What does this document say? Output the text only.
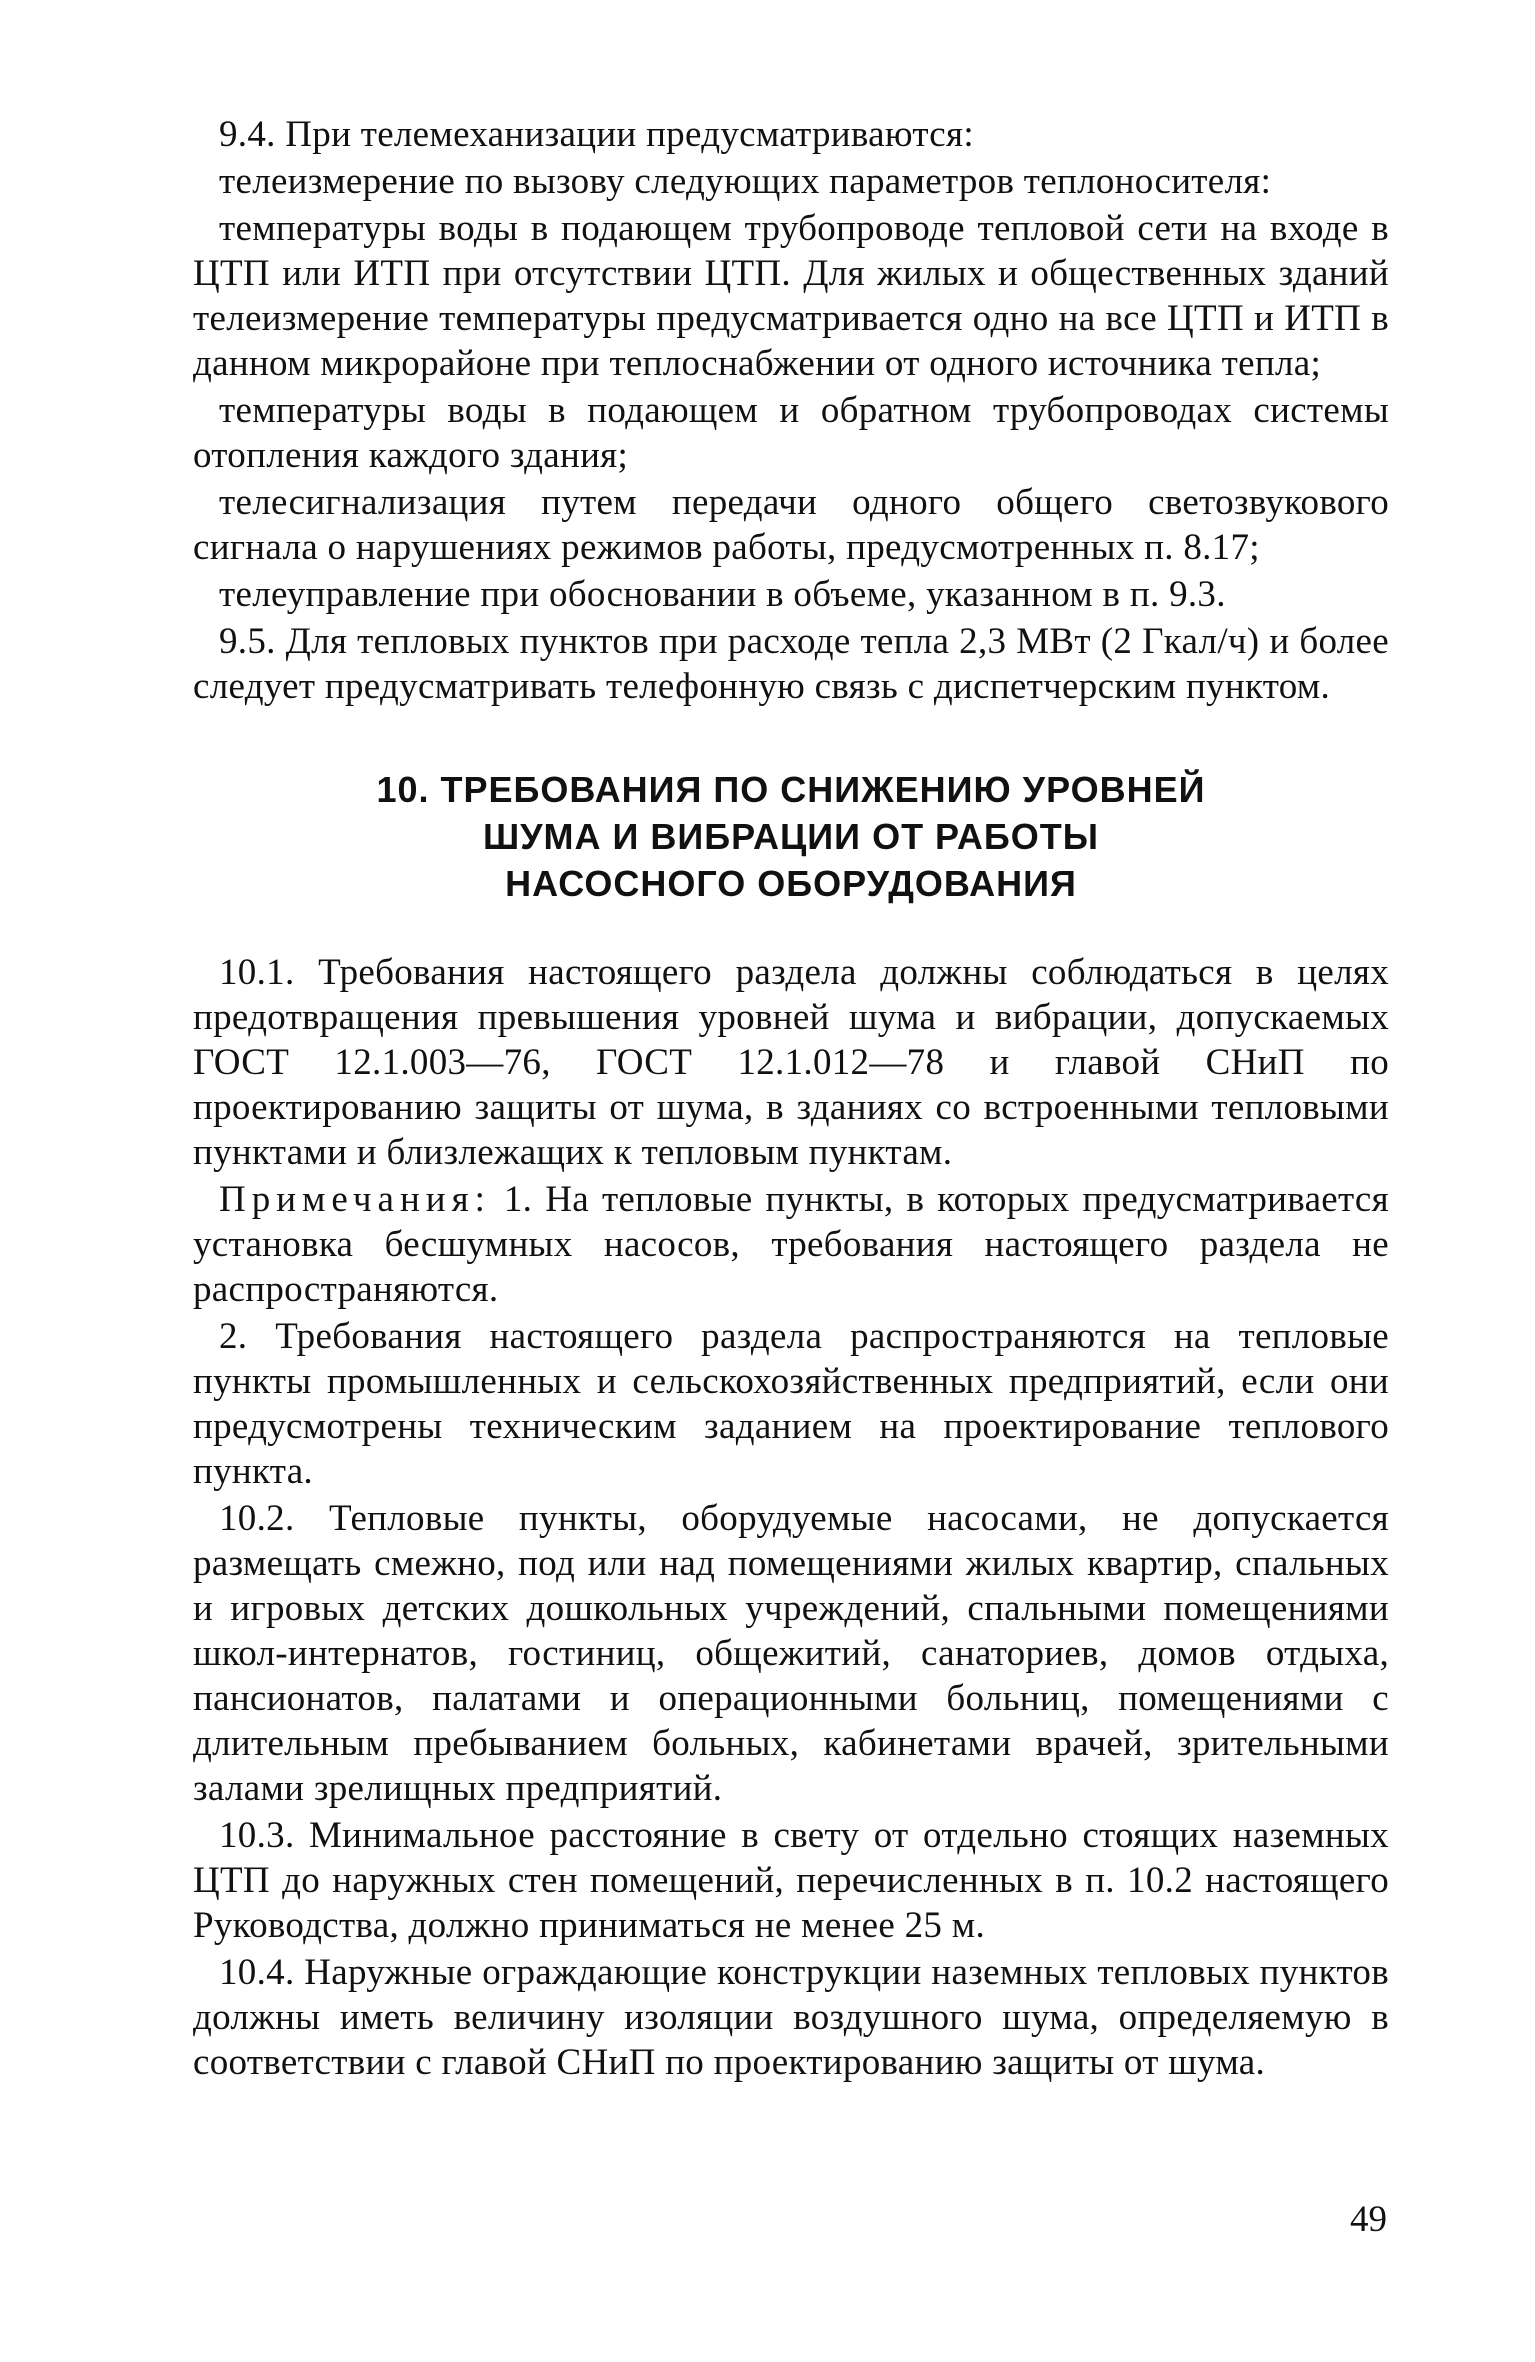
9.4. При телемеханизации предусматриваются:

телеизмерение по вызову следующих параметров теплоносителя:

температуры воды в подающем трубопроводе тепловой сети на входе в ЦТП или ИТП при отсутствии ЦТП. Для жилых и общественных зданий телеизмерение температуры предусматривается одно на все ЦТП и ИТП в данном микрорайоне при теплоснабжении от одного источника тепла;

температуры воды в подающем и обратном трубопроводах системы отопления каждого здания;

телесигнализация путем передачи одного общего светозвукового сигнала о нарушениях режимов работы, предусмотренных п. 8.17;

телеуправление при обосновании в объеме, указанном в п. 9.3.

9.5. Для тепловых пунктов при расходе тепла 2,3 МВт (2 Гкал/ч) и более следует предусматривать телефонную связь с диспетчерским пунктом.

10. ТРЕБОВАНИЯ ПО СНИЖЕНИЮ УРОВНЕЙ
ШУМА И ВИБРАЦИИ ОТ РАБОТЫ
НАСОСНОГО ОБОРУДОВАНИЯ

10.1. Требования настоящего раздела должны соблюдаться в целях предотвращения превышения уровней шума и вибрации, допускаемых ГОСТ 12.1.003—76, ГОСТ 12.1.012—78 и главой СНиП по проектированию защиты от шума, в зданиях со встроенными тепловыми пунктами и близлежащих к тепловым пунктам.

Примечания: 1. На тепловые пункты, в которых предусматривается установка бесшумных насосов, требования настоящего раздела не распространяются.

2. Требования настоящего раздела распространяются на тепловые пункты промышленных и сельскохозяйственных предприятий, если они предусмотрены техническим заданием на проектирование теплового пункта.

10.2. Тепловые пункты, оборудуемые насосами, не допускается размещать смежно, под или над помещениями жилых квартир, спальных и игровых детских дошкольных учреждений, спальными помещениями школ-интернатов, гостиниц, общежитий, санаториев, домов отдыха, пансионатов, палатами и операционными больниц, помещениями с длительным пребыванием больных, кабинетами врачей, зрительными залами зрелищных предприятий.

10.3. Минимальное расстояние в свету от отдельно стоящих наземных ЦТП до наружных стен помещений, перечисленных в п. 10.2 настоящего Руководства, должно приниматься не менее 25 м.

10.4. Наружные ограждающие конструкции наземных тепловых пунктов должны иметь величину изоляции воздушного шума, определяемую в соответствии с главой СНиП по проектированию защиты от шума.

49
